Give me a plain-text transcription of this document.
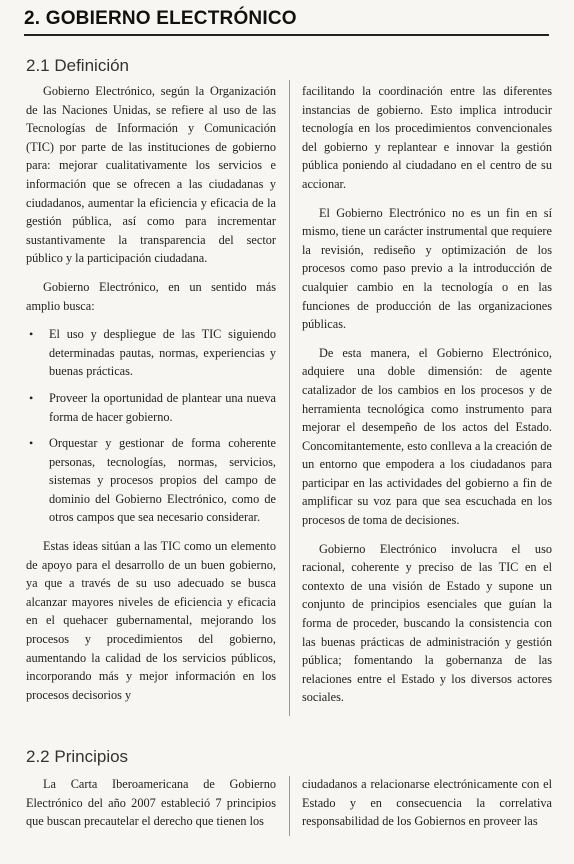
2. GOBIERNO ELECTRÓNICO
2.1 Definición

Gobierno Electrónico, según la Organización de las Naciones Unidas, se refiere al uso de las Tecnologías de Información y Comunicación (TIC) por parte de las instituciones de gobierno para: mejorar cualitativamente los servicios e información que se ofrecen a las ciudadanas y ciudadanos, aumentar la eficiencia y eficacia de la gestión pública, así como para incrementar sustantivamente la transparencia del sector público y la participación ciudadana.

Gobierno Electrónico, en un sentido más amplio busca:

• El uso y despliegue de las TIC siguiendo determinadas pautas, normas, experiencias y buenas prácticas.
• Proveer la oportunidad de plantear una nueva forma de hacer gobierno.
• Orquestar y gestionar de forma coherente personas, tecnologías, normas, servicios, sistemas y procesos propios del campo de dominio del Gobierno Electrónico, como de otros campos que sea necesario considerar.

Estas ideas sitúan a las TIC como un elemento de apoyo para el desarrollo de un buen gobierno, ya que a través de su uso adecuado se busca alcanzar mayores niveles de eficiencia y eficacia en el quehacer gubernamental, mejorando los procesos y procedimientos del gobierno, aumentando la calidad de los servicios públicos, incorporando más y mejor información en los procesos decisorios y

facilitando la coordinación entre las diferentes instancias de gobierno. Esto implica introducir tecnología en los procedimientos convencionales del gobierno y replantear e innovar la gestión pública poniendo al ciudadano en el centro de su accionar.

El Gobierno Electrónico no es un fin en sí mismo, tiene un carácter instrumental que requiere la revisión, rediseño y optimización de los procesos como paso previo a la introducción de cualquier cambio en la tecnología o en las funciones de producción de las organizaciones públicas.

De esta manera, el Gobierno Electrónico, adquiere una doble dimensión: de agente catalizador de los cambios en los procesos y de herramienta tecnológica como instrumento para mejorar el desempeño de los actos del Estado. Concomitantemente, esto conlleva a la creación de un entorno que empodera a los ciudadanos para participar en las actividades del gobierno a fin de amplificar su voz para que sea escuchada en los procesos de toma de decisiones.

Gobierno Electrónico involucra el uso racional, coherente y preciso de las TIC en el contexto de una visión de Estado y supone un conjunto de principios esenciales que guían la forma de proceder, buscando la consistencia con las buenas prácticas de administración y gestión pública; fomentando la gobernanza de las relaciones entre el Estado y los diversos actores sociales.

2.2 Principios

La Carta Iberoamericana de Gobierno Electrónico del año 2007 estableció 7 principios que buscan precautelar el derecho que tienen los

ciudadanos a relacionarse electrónicamente con el Estado y en consecuencia la correlativa responsabilidad de los Gobiernos en proveer las
